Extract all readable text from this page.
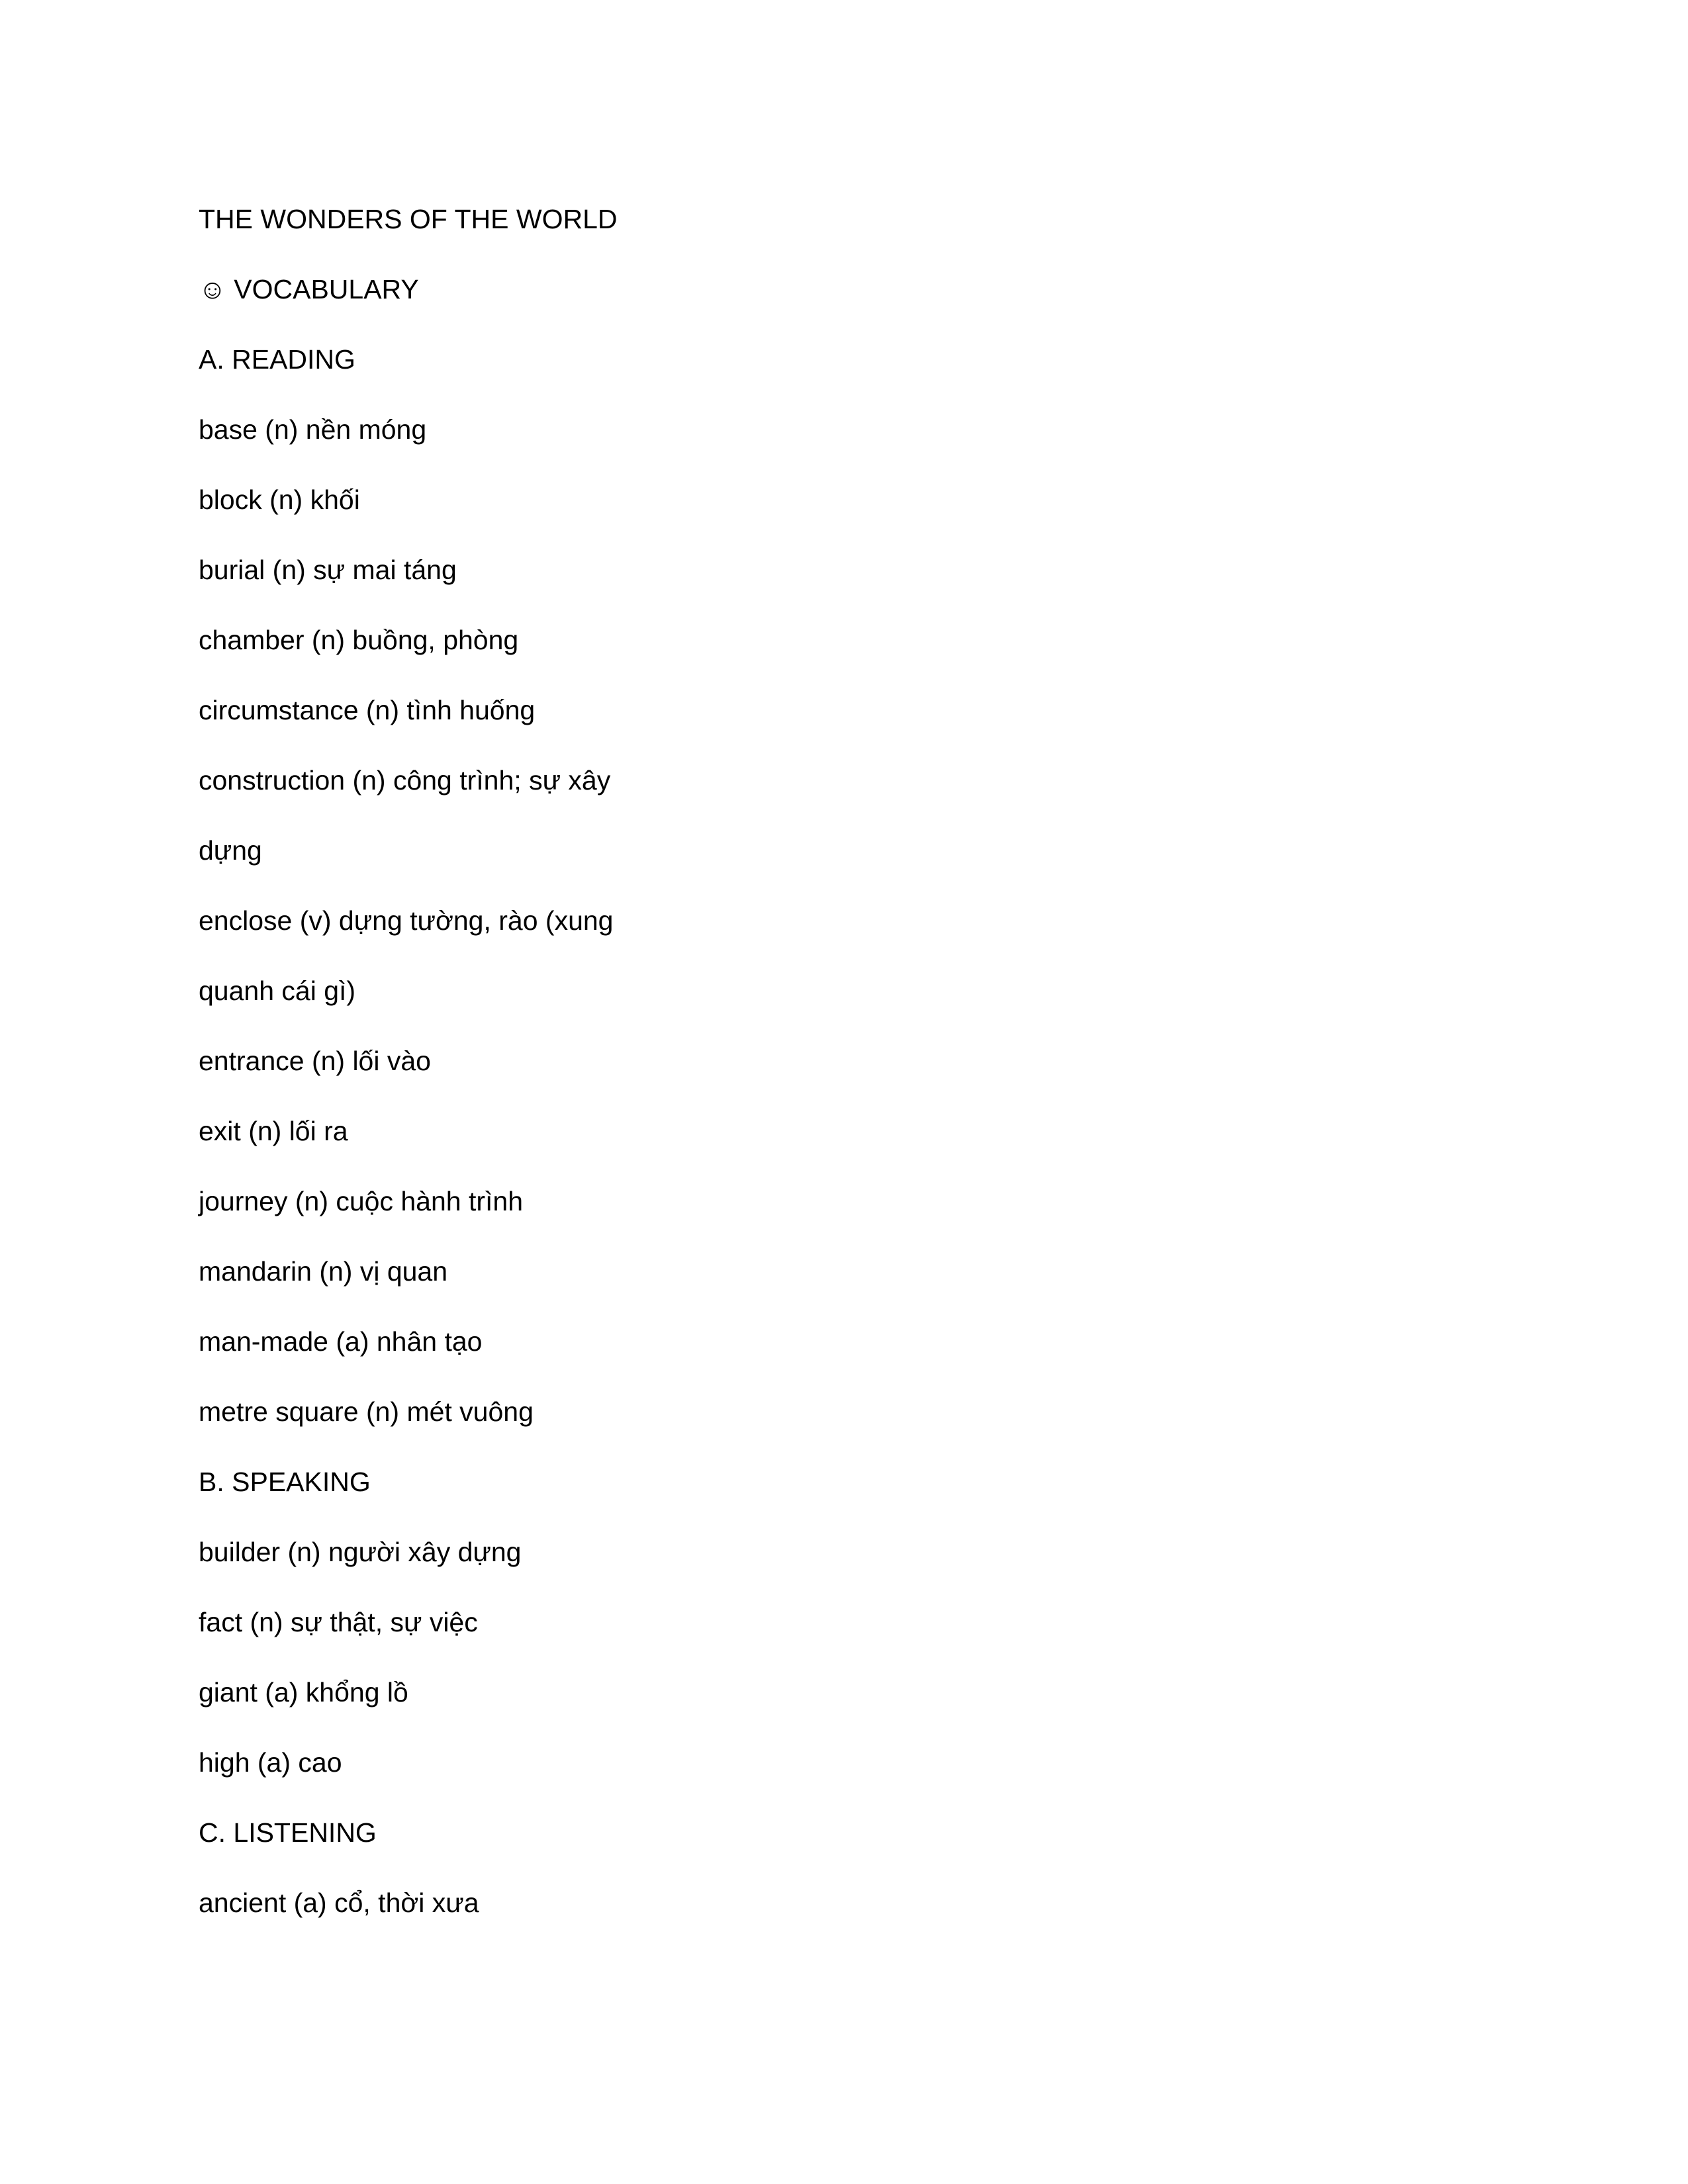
THE WONDERS OF THE WORLD
☺ VOCABULARY
A. READING
base (n) nền móng
block (n) khối
burial (n) sự mai táng
chamber (n) buồng, phòng
circumstance (n) tình huống
construction (n) công trình; sự xây
dựng
enclose (v) dựng tường, rào (xung
quanh cái gì)
entrance (n) lối vào
exit (n) lối ra
journey (n) cuộc hành trình
mandarin (n) vị quan
man-made (a) nhân tạo
metre square (n) mét vuông
B. SPEAKING
builder (n) người xây dựng
fact (n) sự thật, sự việc
giant (a) khổng lồ
high (a) cao
C. LISTENING
ancient (a) cổ, thời xưa
